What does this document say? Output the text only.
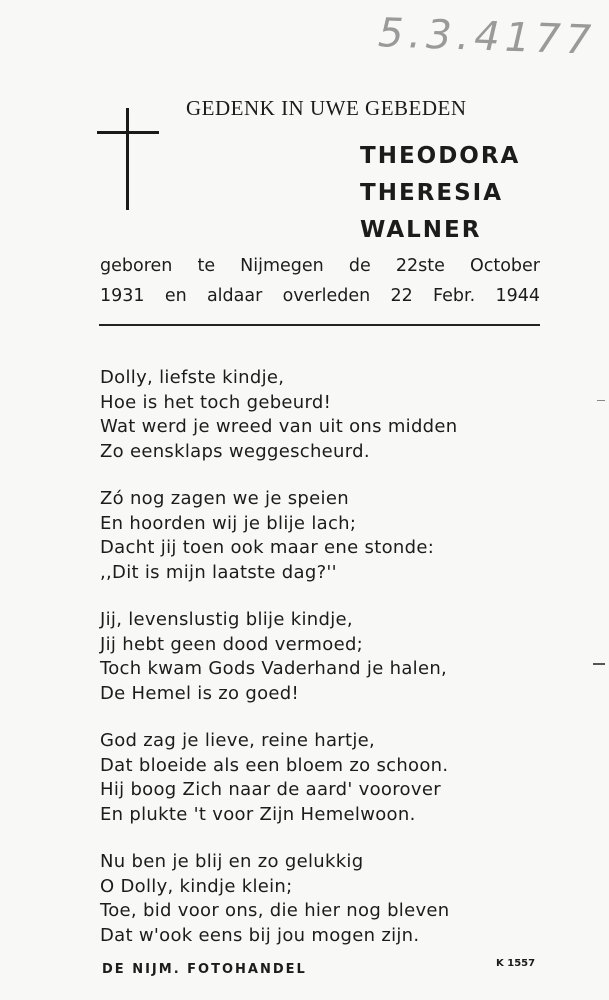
5.3.4177
GEDENK IN UWE GEBEDEN
THEODORA
THERESIA
WALNER
geboren te Nijmegen de 22ste October
1931 en aldaar overleden 22 Febr. 1944
Dolly, liefste kindje,
Hoe is het toch gebeurd!
Wat werd je wreed van uit ons midden
Zo eensklaps weggescheurd.
Zó nog zagen we je speien
En hoorden wij je blije lach;
Dacht jij toen ook maar ene stonde:
,,Dit is mijn laatste dag?''
Jij, levenslustig blije kindje,
Jij hebt geen dood vermoed;
Toch kwam Gods Vaderhand je halen,
De Hemel is zo goed!
God zag je lieve, reine hartje,
Dat bloeide als een bloem zo schoon.
Hij boog Zich naar de aard' voorover
En plukte 't voor Zijn Hemelwoon.
Nu ben je blij en zo gelukkig
O Dolly, kindje klein;
Toe, bid voor ons, die hier nog bleven
Dat w'ook eens bij jou mogen zijn.
DE NIJM. FOTOHANDEL	K 1557
